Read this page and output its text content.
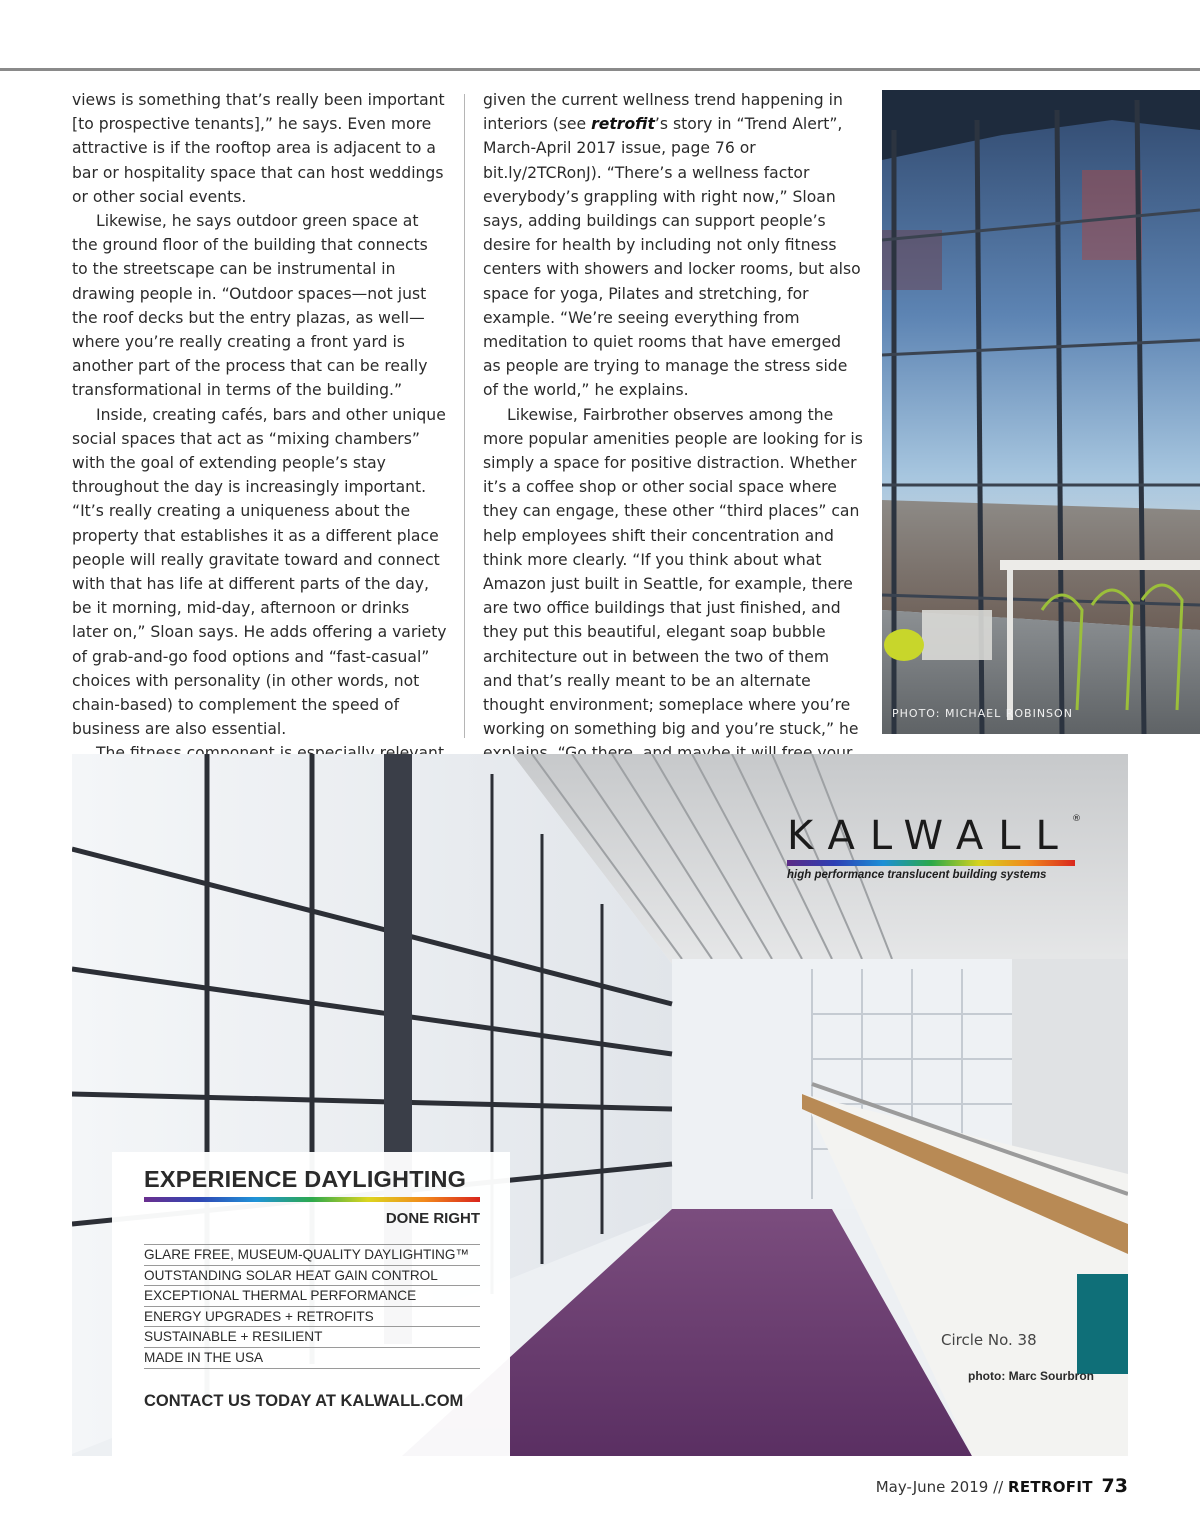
views is something that’s really been important [to prospective tenants],” he says. Even more attractive is if the rooftop area is adjacent to a bar or hospitality space that can host weddings or other social events.

Likewise, he says outdoor green space at the ground floor of the building that connects to the streetscape can be instrumental in drawing people in. “Outdoor spaces—not just the roof decks but the entry plazas, as well—where you’re really creating a front yard is another part of the process that can be really transformational in terms of the building.”

Inside, creating cafés, bars and other unique social spaces that act as “mixing chambers” with the goal of extending people’s stay throughout the day is increasingly important. “It’s really creating a uniqueness about the property that establishes it as a different place people will really gravitate toward and connect with that has life at different parts of the day, be it morning, mid-day, afternoon or drinks later on,” Sloan says. He adds offering a variety of grab-and-go food options and “fast-casual” choices with personality (in other words, not chain-based) to complement the speed of business are also essential.

given the current wellness trend happening in interiors (see retrofit’s story in “Trend Alert”, March-April 2017 issue, page 76 or bit.ly/2TCRonJ). “There’s a wellness factor everybody’s grappling with right now,” Sloan says, adding buildings can support people’s desire for health by including not only fitness centers with showers and locker rooms, but also space for yoga, Pilates and stretching, for example. “We’re seeing everything from meditation to quiet rooms that have emerged as people are trying to manage the stress side of the world,” he explains.

Likewise, Fairbrother observes among the more popular amenities people are looking for is simply a space for positive distraction. Whether it’s a coffee shop or other social space where they can engage, these other “third places” can help employees shift their concentration and think more clearly. “If you think about what Amazon just built in Seattle, for example, there are two office buildings that just finished, and they put this beautiful, elegant soap bubble architecture out in between the two of them and that’s really meant to be an alternate thought environment; someplace where you’re working on something big and you’re stuck,” he

PHOTO: MICHAEL ROBINSON
KALWALL ®
high performance translucent building systems
EXPERIENCE DAYLIGHTING
DONE RIGHT
GLARE FREE, MUSEUM-QUALITY DAYLIGHTING™
OUTSTANDING SOLAR HEAT GAIN CONTROL
EXCEPTIONAL THERMAL PERFORMANCE
ENERGY UPGRADES + RETROFITS
SUSTAINABLE + RESILIENT
MADE IN THE USA
CONTACT US TODAY AT KALWALL.COM
Circle No. 38
photo: Marc Sourbron
May-June 2019 // RETROFIT 73
